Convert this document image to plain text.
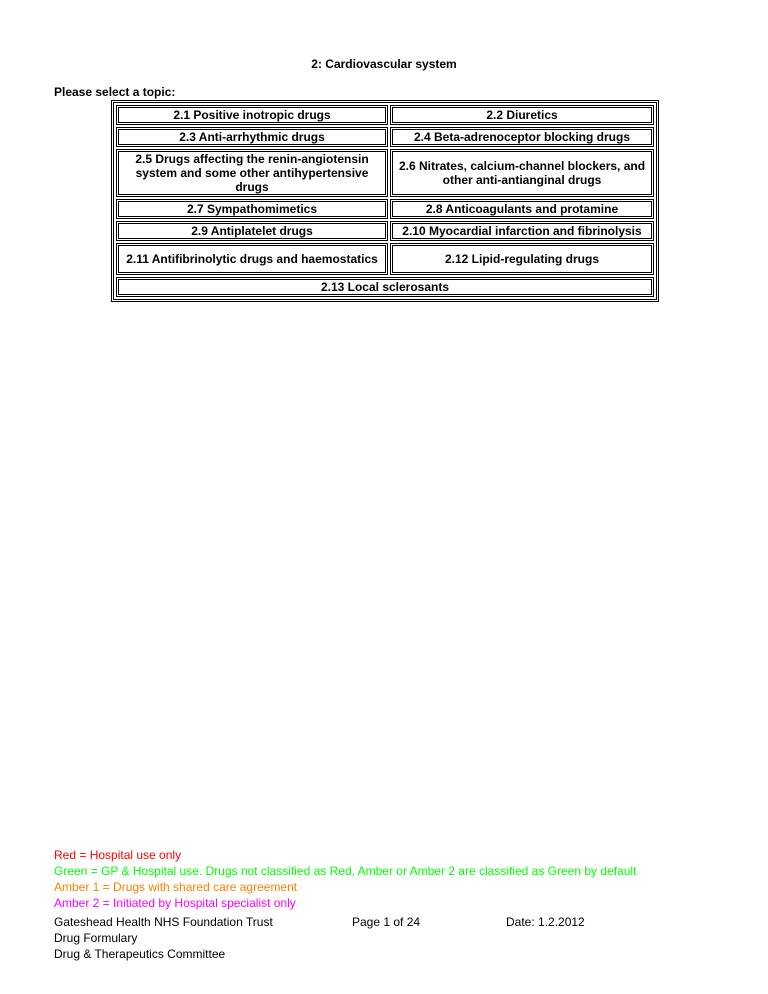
2: Cardiovascular system
Please select a topic:
2.1 Positive inotropic drugs	2.2 Diuretics
2.3 Anti-arrhythmic drugs	2.4 Beta-adrenoceptor blocking drugs
2.5 Drugs affecting the renin-angiotensin system and some other antihypertensive drugs	2.6 Nitrates, calcium-channel blockers, and other anti-antianginal drugs
2.7 Sympathomimetics	2.8 Anticoagulants and protamine
2.9 Antiplatelet drugs	2.10 Myocardial infarction and fibrinolysis
2.11 Antifibrinolytic drugs and haemostatics	2.12 Lipid-regulating drugs
2.13 Local sclerosants	
Red = Hospital use only
Green = GP & Hospital use. Drugs not classified as Red, Amber or Amber 2 are classified as Green by default
Amber 1 = Drugs with shared care agreement
Amber 2 = Initiated by Hospital specialist only
Gateshead Health NHS Foundation Trust
Drug Formulary
Drug & Therapeutics Committee
Page 1 of 24	Date: 1.2.2012
